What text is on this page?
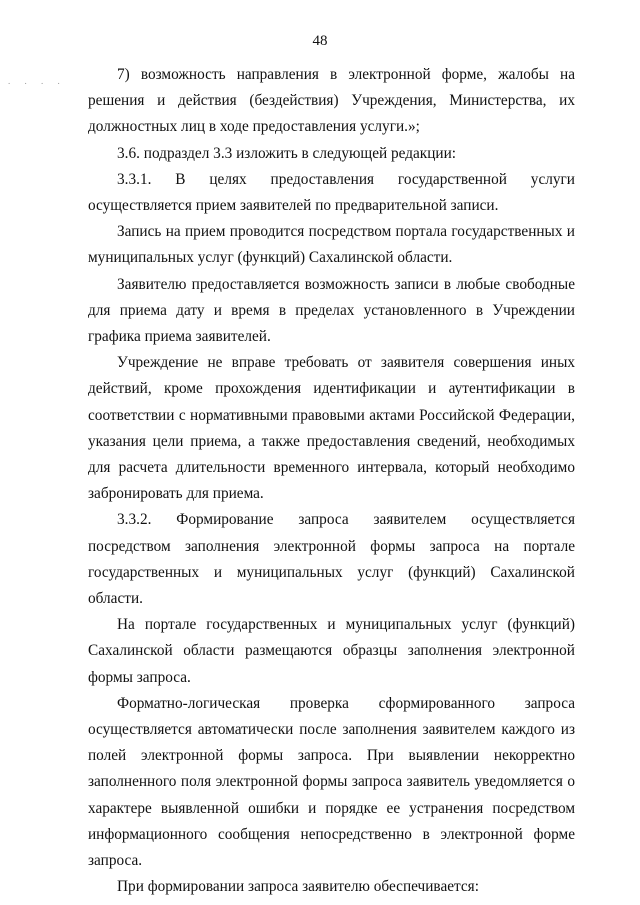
. . . .
48

7) возможность направления в электронной форме, жалобы на решения и действия (бездействия) Учреждения, Министерства, их должностных лиц в ходе предоставления услуги.»;

3.6. подраздел 3.3 изложить в следующей редакции:

3.3.1. В целях предоставления государственной услуги осуществляется прием заявителей по предварительной записи.

Запись на прием проводится посредством портала государственных и муниципальных услуг (функций) Сахалинской области.

Заявителю предоставляется возможность записи в любые свободные для приема дату и время в пределах установленного в Учреждении графика приема заявителей.

Учреждение не вправе требовать от заявителя совершения иных действий, кроме прохождения идентификации и аутентификации в соответствии с нормативными правовыми актами Российской Федерации, указания цели приема, а также предоставления сведений, необходимых для расчета длительности временного интервала, который необходимо забронировать для приема.

3.3.2. Формирование запроса заявителем осуществляется посредством заполнения электронной формы запроса на портале государственных и муниципальных услуг (функций) Сахалинской области.

На портале государственных и муниципальных услуг (функций) Сахалинской области размещаются образцы заполнения электронной формы запроса.

Форматно-логическая проверка сформированного запроса осуществляется автоматически после заполнения заявителем каждого из полей электронной формы запроса. При выявлении некорректно заполненного поля электронной формы запроса заявитель уведомляется о характере выявленной ошибки и порядке ее устранения посредством информационного сообщения непосредственно в электронной форме запроса.

При формировании запроса заявителю обеспечивается:
